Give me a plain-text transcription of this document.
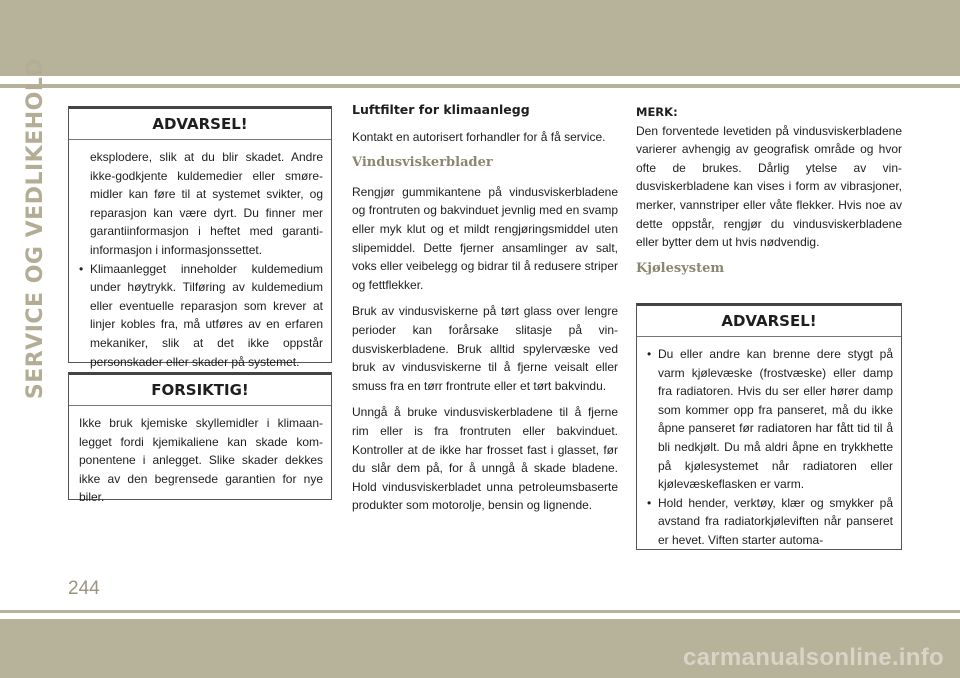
SERVICE OG VEDLIKEHOLD	ADVARSEL!

eksplodere, slik at du blir skadet. Andre ikke-godkjente kuldemedier eller smøremidler kan føre til at systemet svikter, og reparasjon kan være dyrt. Du finner mer garantiinformasjon i heftet med garantiinformasjon i informasjonssettet.

• Klimaanlegget inneholder kuldemedium under høytrykk. Tilføring av kuldemedium eller eventuelle reparasjon som krever at linjer kobles fra, må utføres av en erfaren mekaniker, slik at det ikke oppstår personskader eller skader på systemet.

FORSIKTIG!

Ikke bruk kjemiske skyllemidler i klimaanlegget fordi kjemikaliene kan skade komponentene i anlegget. Slike skader dekkes ikke av den begrensede garantien for nye biler.

Luftfilter for klimaanlegg

Kontakt en autorisert forhandler for å få service.

Vindusviskerblader

Rengjør gummikantene på vindusviskerbladene og frontruten og bakvinduet jevnlig med en svamp eller myk klut og et mildt rengjøringsmiddel uten slipemiddel. Dette fjerner ansamlinger av salt, voks eller veibelegg og bidrar til å redusere striper og fettflekker.

Bruk av vindusviskerne på tørt glass over lengre perioder kan forårsake slitasje på vindusviskerbladene. Bruk alltid spylervæske ved bruk av vindusviskerne til å fjerne veisalt eller smuss fra en tørr frontrute eller et tørt bakvindu.

Unngå å bruke vindusviskerbladene til å fjerne rim eller is fra frontruten eller bakvinduet. Kontroller at de ikke har frosset fast i glasset, før du slår dem på, for å unngå å skade bladene. Hold vindusviskerbladet unna petroleumsbaserte produkter som motorolje, bensin og lignende.

MERK:

Den forventede levetiden på vindusviskerbladene varierer avhengig av geografisk område og hvor ofte de brukes. Dårlig ytelse av vindusviskerbladene kan vises i form av vibrasjoner, merker, vannstriper eller våte flekker. Hvis noe av dette oppstår, rengjør du vindusviskerbladene eller bytter dem ut hvis nødvendig.

Kjølesystem
ADVARSEL!

• Du eller andre kan brenne dere stygt på varm kjølevæske (frostvæske) eller damp fra radiatoren. Hvis du ser eller hører damp som kommer opp fra panseret, må du ikke åpne panseret før radiatoren har fått tid til å bli nedkjølt. Du må aldri åpne en trykkhette på kjølesystemet når radiatoren eller kjølevæskeflasken er varm.

• Hold hender, verktøy, klær og smykker på avstand fra radiatorkjøleviften når panseret er hevet. Viften starter automa-

244
carmanualsonline.info
